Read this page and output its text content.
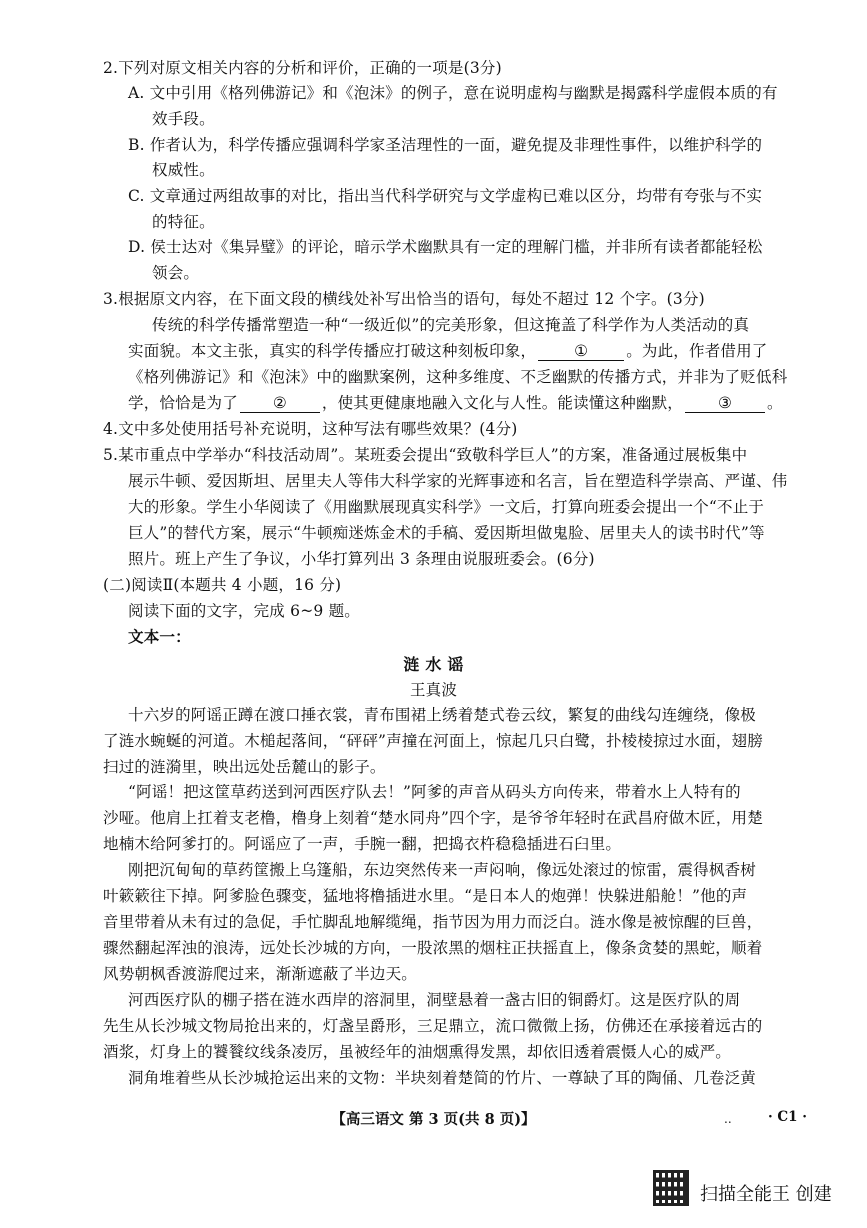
2.下列对原文相关内容的分析和评价，正确的一项是(3分)
A. 文中引用《格列佛游记》和《泡沫》的例子，意在说明虚构与幽默是揭露科学虚假本质的有
效手段。
B. 作者认为，科学传播应强调科学家圣洁理性的一面，避免提及非理性事件，以维护科学的
权威性。
C. 文章通过两组故事的对比，指出当代科学研究与文学虚构已难以区分，均带有夸张与不实
的特征。
D. 侯士达对《集异璧》的评论，暗示学术幽默具有一定的理解门槛，并非所有读者都能轻松
领会。
3.根据原文内容，在下面文段的横线处补写出恰当的语句，每处不超过 12 个字。(3分)
传统的科学传播常塑造一种“一级近似”的完美形象，但这掩盖了科学作为人类活动的真
实面貌。本文主张，真实的科学传播应打破这种刻板印象， ① 。为此，作者借用了
《格列佛游记》和《泡沫》中的幽默案例，这种多维度、不乏幽默的传播方式，并非为了贬低科
学，恰恰是为了 ② ，使其更健康地融入文化与人性。能读懂这种幽默， ③ 。
4.文中多处使用括号补充说明，这种写法有哪些效果？(4分)
5.某市重点中学举办“科技活动周”。某班委会提出“致敬科学巨人”的方案，准备通过展板集中
展示牛顿、爱因斯坦、居里夫人等伟大科学家的光辉事迹和名言，旨在塑造科学崇高、严谨、伟
大的形象。学生小华阅读了《用幽默展现真实科学》一文后，打算向班委会提出一个“不止于
巨人”的替代方案，展示“牛顿痴迷炼金术的手稿、爱因斯坦做鬼脸、居里夫人的读书时代”等
照片。班上产生了争议，小华打算列出 3 条理由说服班委会。(6分)
(二)阅读Ⅱ(本题共 4 小题，16 分)
阅读下面的文字，完成 6~9 题。
文本一：
涟 水 谣
王真波
十六岁的阿谣正蹲在渡口捶衣裳，青布围裙上绣着楚式卷云纹，繁复的曲线勾连缠绕，像极
了涟水蜿蜒的河道。木槌起落间，“砰砰”声撞在河面上，惊起几只白鹭，扑棱棱掠过水面，翅膀
扫过的涟漪里，映出远处岳麓山的影子。
“阿谣！把这筐草药送到河西医疗队去！”阿爹的声音从码头方向传来，带着水上人特有的
沙哑。他肩上扛着支老橹，橹身上刻着“楚水同舟”四个字，是爷爷年轻时在武昌府做木匠，用楚
地楠木给阿爹打的。阿谣应了一声，手腕一翻，把捣衣杵稳稳插进石臼里。
刚把沉甸甸的草药筐搬上乌篷船，东边突然传来一声闷响，像远处滚过的惊雷，震得枫香树
叶簌簌往下掉。阿爹脸色骤变，猛地将橹插进水里。“是日本人的炮弹！快躲进船舱！”他的声
音里带着从未有过的急促，手忙脚乱地解缆绳，指节因为用力而泛白。涟水像是被惊醒的巨兽，
骤然翻起浑浊的浪涛，远处长沙城的方向，一股浓黑的烟柱正扶摇直上，像条贪婪的黑蛇，顺着
风势朝枫香渡游爬过来，渐渐遮蔽了半边天。
河西医疗队的棚子搭在涟水西岸的溶洞里，洞壁悬着一盏古旧的铜爵灯。这是医疗队的周
先生从长沙城文物局抢出来的，灯盏呈爵形，三足鼎立，流口微微上扬，仿佛还在承接着远古的
酒浆，灯身上的饕餮纹线条凌厉，虽被经年的油烟熏得发黑，却依旧透着震慑人心的威严。
洞角堆着些从长沙城抢运出来的文物：半块刻着楚简的竹片、一尊缺了耳的陶俑、几卷泛黄
【高三语文 第 3 页(共 8 页)】	..	· C1 ·
扫描全能王 创建
